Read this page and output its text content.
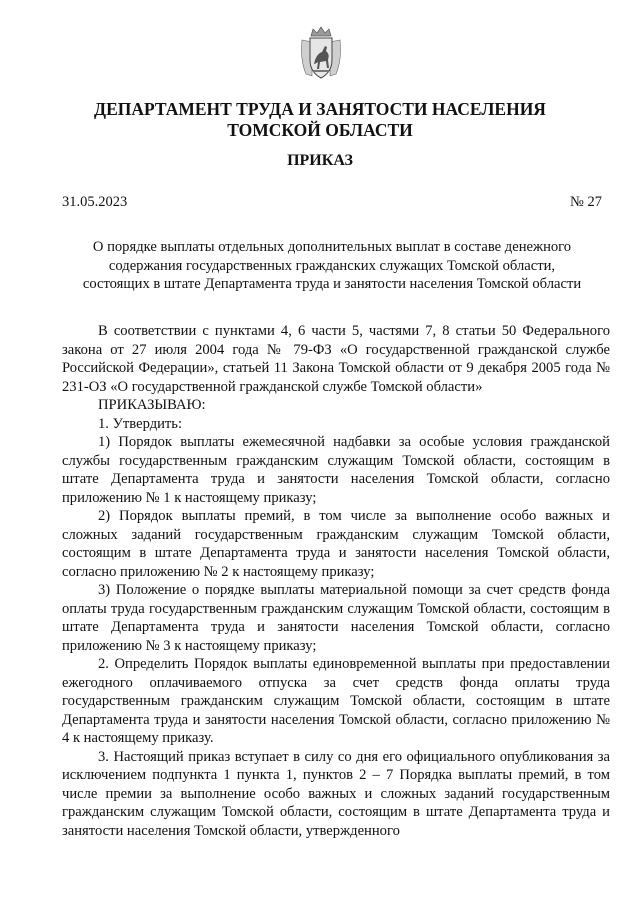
ДЕПАРТАМЕНТ ТРУДА И ЗАНЯТОСТИ НАСЕЛЕНИЯ
ТОМСКОЙ ОБЛАСТИ
ПРИКАЗ
31.05.2023	№ 27
О порядке выплаты отдельных дополнительных выплат в составе денежного
содержания государственных гражданских служащих Томской области,
состоящих в штате Департамента труда и занятости населения Томской области

В соответствии с пунктами 4, 6 части 5, частями 7, 8 статьи 50 Федерального закона от 27 июля 2004 года № 79-ФЗ «О государственной гражданской службе Российской Федерации», статьей 11 Закона Томской области от 9 декабря 2005 года № 231-ОЗ «О государственной гражданской службе Томской области»

ПРИКАЗЫВАЮ:

1. Утвердить:

1) Порядок выплаты ежемесячной надбавки за особые условия гражданской службы государственным гражданским служащим Томской области, состоящим в штате Департамента труда и занятости населения Томской области, согласно приложению № 1 к настоящему приказу;

2) Порядок выплаты премий, в том числе за выполнение особо важных и сложных заданий государственным гражданским служащим Томской области, состоящим в штате Департамента труда и занятости населения Томской области, согласно приложению № 2 к настоящему приказу;

3) Положение о порядке выплаты материальной помощи за счет средств фонда оплаты труда государственным гражданским служащим Томской области, состоящим в штате Департамента труда и занятости населения Томской области, согласно приложению № 3 к настоящему приказу;

2. Определить Порядок выплаты единовременной выплаты при предоставлении ежегодного оплачиваемого отпуска за счет средств фонда оплаты труда государственным гражданским служащим Томской области, состоящим в штате Департамента труда и занятости населения Томской области, согласно приложению № 4 к настоящему приказу.

3. Настоящий приказ вступает в силу со дня его официального опубликования за исключением подпункта 1 пункта 1, пунктов 2 – 7 Порядка выплаты премий, в том числе премии за выполнение особо важных и сложных заданий государственным гражданским служащим Томской области, состоящим в штате Департамента труда и занятости населения Томской области, утвержденного
